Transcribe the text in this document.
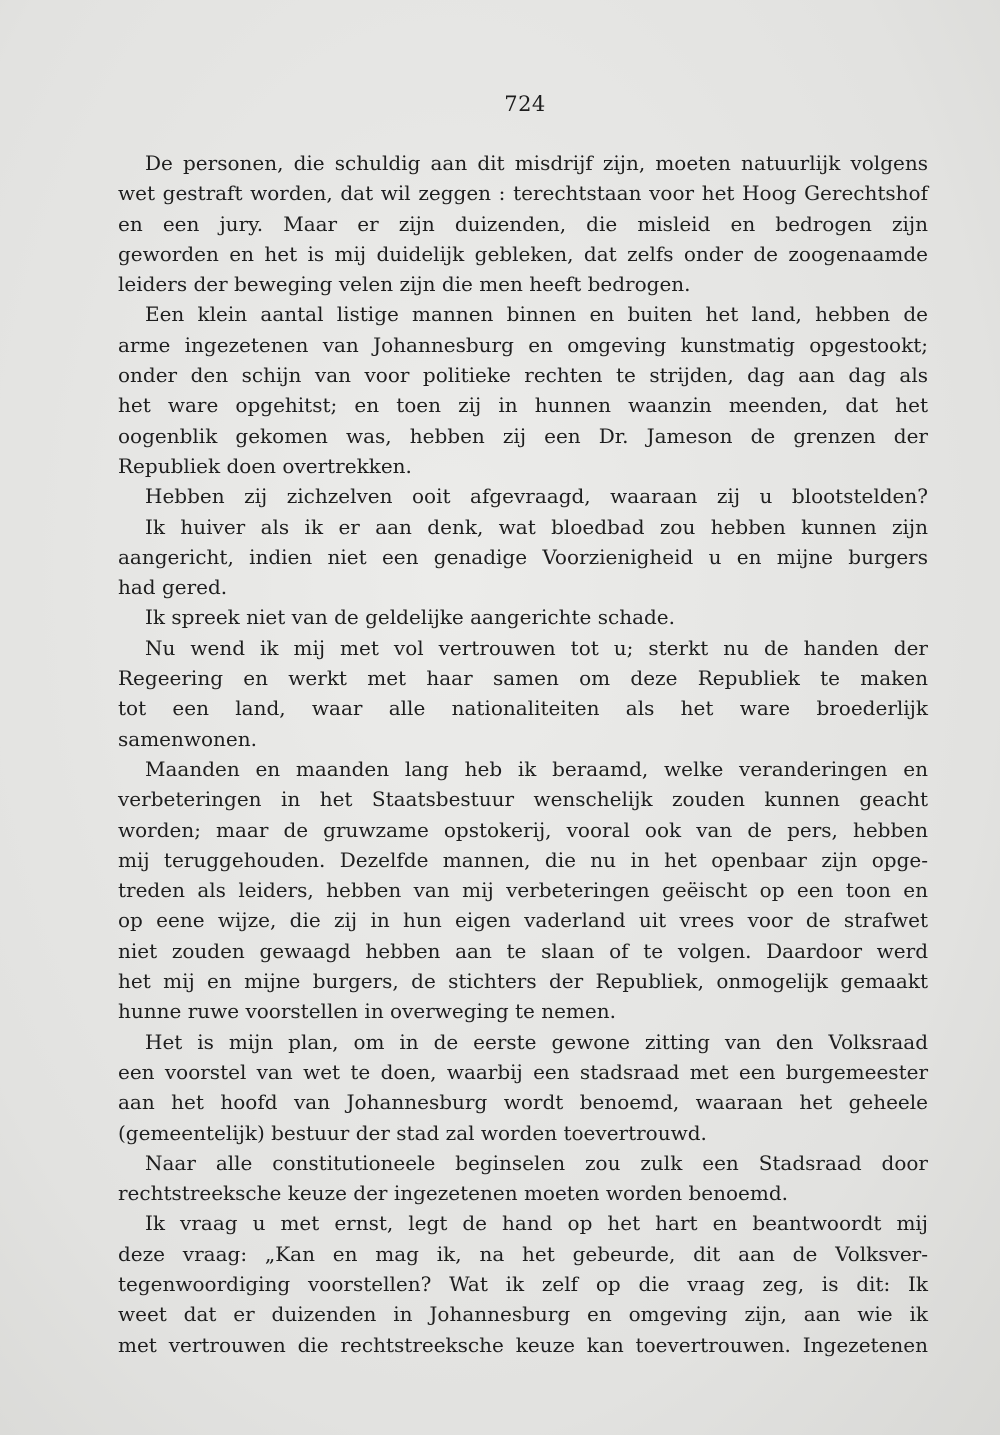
724
De personen, die schuldig aan dit misdrijf zijn, moeten natuurlijk volgens
wet gestraft worden, dat wil zeggen : terechtstaan voor het Hoog Gerechtshof
en een jury. Maar er zijn duizenden, die misleid en bedrogen zijn
geworden en het is mij duidelijk gebleken, dat zelfs onder de zoogenaamde
leiders der beweging velen zijn die men heeft bedrogen.
Een klein aantal listige mannen binnen en buiten het land, hebben de
arme ingezetenen van Johannesburg en omgeving kunstmatig opgestookt;
onder den schijn van voor politieke rechten te strijden, dag aan dag als
het ware opgehitst; en toen zij in hunnen waanzin meenden, dat het
oogenblik gekomen was, hebben zij een Dr. Jameson de grenzen der
Republiek doen overtrekken.
Hebben zij zichzelven ooit afgevraagd, waaraan zij u blootstelden?
Ik huiver als ik er aan denk, wat bloedbad zou hebben kunnen zijn
aangericht, indien niet een genadige Voorzienigheid u en mijne burgers
had gered.
Ik spreek niet van de geldelijke aangerichte schade.
Nu wend ik mij met vol vertrouwen tot u; sterkt nu de handen der
Regeering en werkt met haar samen om deze Republiek te maken
tot een land, waar alle nationaliteiten als het ware broederlijk
samenwonen.
Maanden en maanden lang heb ik beraamd, welke veranderingen en
verbeteringen in het Staatsbestuur wenschelijk zouden kunnen geacht
worden; maar de gruwzame opstokerij, vooral ook van de pers, hebben
mij teruggehouden. Dezelfde mannen, die nu in het openbaar zijn opge-
treden als leiders, hebben van mij verbeteringen geëischt op een toon en
op eene wijze, die zij in hun eigen vaderland uit vrees voor de strafwet
niet zouden gewaagd hebben aan te slaan of te volgen. Daardoor werd
het mij en mijne burgers, de stichters der Republiek, onmogelijk gemaakt
hunne ruwe voorstellen in overweging te nemen.
Het is mijn plan, om in de eerste gewone zitting van den Volksraad
een voorstel van wet te doen, waarbij een stadsraad met een burgemeester
aan het hoofd van Johannesburg wordt benoemd, waaraan het geheele
(gemeentelijk) bestuur der stad zal worden toevertrouwd.
Naar alle constitutioneele beginselen zou zulk een Stadsraad door
rechtstreeksche keuze der ingezetenen moeten worden benoemd.
Ik vraag u met ernst, legt de hand op het hart en beantwoordt mij
deze vraag: „Kan en mag ik, na het gebeurde, dit aan de Volksver-
tegenwoordiging voorstellen? Wat ik zelf op die vraag zeg, is dit: Ik
weet dat er duizenden in Johannesburg en omgeving zijn, aan wie ik
met vertrouwen die rechtstreeksche keuze kan toevertrouwen. Ingezetenen
